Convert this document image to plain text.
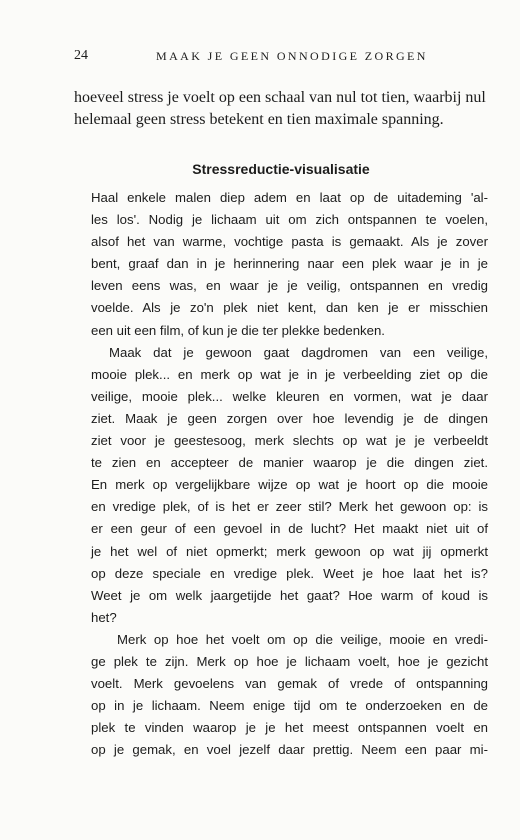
24	MAAK JE GEEN ONNODIGE ZORGEN
hoeveel stress je voelt op een schaal van nul tot tien, waarbij nul
helemaal geen stress betekent en tien maximale spanning.
Stressreductie-visualisatie
Haal enkele malen diep adem en laat op de uitademing 'al-
les los'. Nodig je lichaam uit om zich ontspannen te voelen,
alsof het van warme, vochtige pasta is gemaakt. Als je zover
bent, graaf dan in je herinnering naar een plek waar je in je
leven eens was, en waar je je veilig, ontspannen en vredig
voelde. Als je zo'n plek niet kent, dan ken je er misschien
een uit een film, of kun je die ter plekke bedenken.
Maak dat je gewoon gaat dagdromen van een veilige,
mooie plek... en merk op wat je in je verbeelding ziet op die
veilige, mooie plek... welke kleuren en vormen, wat je daar
ziet. Maak je geen zorgen over hoe levendig je de dingen
ziet voor je geestesoog, merk slechts op wat je je verbeeldt
te zien en accepteer de manier waarop je die dingen ziet.
En merk op vergelijkbare wijze op wat je hoort op die mooie
en vredige plek, of is het er zeer stil? Merk het gewoon op: is
er een geur of een gevoel in de lucht? Het maakt niet uit of
je het wel of niet opmerkt; merk gewoon op wat jij opmerkt
op deze speciale en vredige plek. Weet je hoe laat het is?
Weet je om welk jaargetijde het gaat? Hoe warm of koud is
het?
Merk op hoe het voelt om op die veilige, mooie en vredi-
ge plek te zijn. Merk op hoe je lichaam voelt, hoe je gezicht
voelt. Merk gevoelens van gemak of vrede of ontspanning
op in je lichaam. Neem enige tijd om te onderzoeken en de
plek te vinden waarop je je het meest ontspannen voelt en
op je gemak, en voel jezelf daar prettig. Neem een paar mi-
